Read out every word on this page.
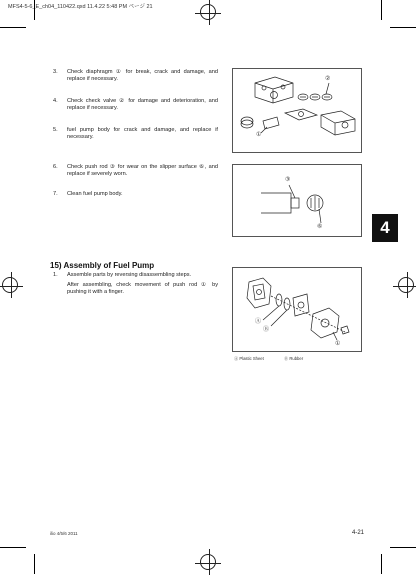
MFS4-5-6_E_ch04_110422.qxd 11.4.22 5:48 PM ページ 21
3.	Check diaphragm ① for break, crack and damage, and replace if necessary.
4.	Check check valve ② for damage and deterioration, and replace if necessary.
5.	fuel pump body for crack and damage, and replace if necessary.
6.	Check push rod ③ for wear on the slipper surface ⑥, and replace if severely worn.
7.	Clean fuel pump body.
②
①
③
⑥	4
15) Assembly of Fuel Pump
1.	Assemble parts by reversing disassembling steps.
After assembling, check movement of push rod ① by pushing it with a finger.
Ⓐ
Ⓑ
①
Ⓐ Plastic Sheet	Ⓑ Rubber
ilio 4/5/6 2011	4-21
